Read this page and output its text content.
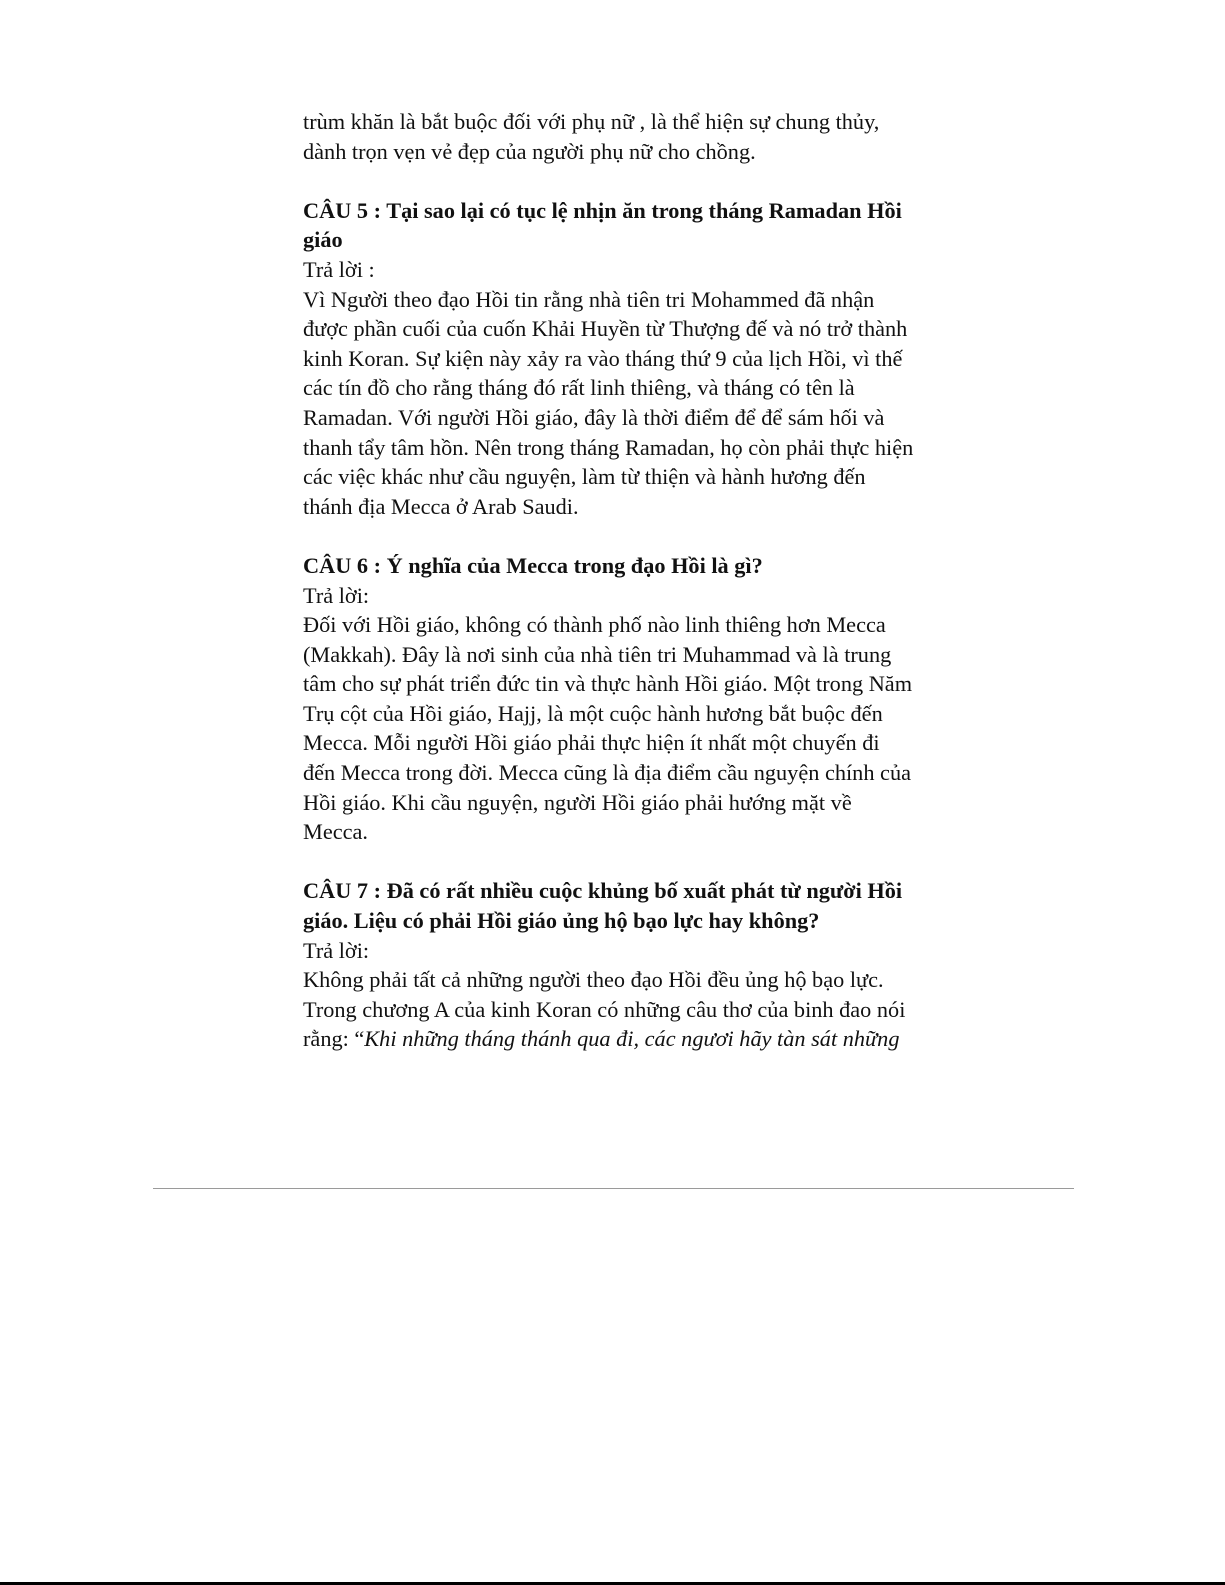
trùm khăn là bắt buộc đối với phụ nữ , là thể hiện sự chung thủy,
dành trọn vẹn vẻ đẹp của người phụ nữ cho chồng.
CÂU 5 : Tại sao lại có tục lệ nhịn ăn trong tháng Ramadan Hồi
giáo
Trả lời :
Vì Người theo đạo Hồi tin rằng nhà tiên tri Mohammed đã nhận
được phần cuối của cuốn Khải Huyền từ Thượng đế và nó trở thành
kinh Koran. Sự kiện này xảy ra vào tháng thứ 9 của lịch Hồi, vì thế
các tín đồ cho rằng tháng đó rất linh thiêng, và tháng có tên là
Ramadan. Với người Hồi giáo, đây là thời điểm để để sám hối và
thanh tẩy tâm hồn. Nên trong tháng Ramadan, họ còn phải thực hiện
các việc khác như cầu nguyện, làm từ thiện và hành hương đến
thánh địa Mecca ở Arab Saudi.
CÂU 6 : Ý nghĩa của Mecca trong đạo Hồi là gì?
Trả lời:
Đối với Hồi giáo, không có thành phố nào linh thiêng hơn Mecca
(Makkah). Đây là nơi sinh của nhà tiên tri Muhammad và là trung
tâm cho sự phát triển đức tin và thực hành Hồi giáo. Một trong Năm
Trụ cột của Hồi giáo, Hajj, là một cuộc hành hương bắt buộc đến
Mecca. Mỗi người Hồi giáo phải thực hiện ít nhất một chuyến đi
đến Mecca trong đời. Mecca cũng là địa điểm cầu nguyện chính của
Hồi giáo. Khi cầu nguyện, người Hồi giáo phải hướng mặt về
Mecca.
CÂU 7 : Đã có rất nhiều cuộc khủng bố xuất phát từ người Hồi
giáo. Liệu có phải Hồi giáo ủng hộ bạo lực hay không?
Trả lời:
Không phải tất cả những người theo đạo Hồi đều ủng hộ bạo lực.
Trong chương A của kinh Koran có những câu thơ của binh đao nói
rằng: “Khi những tháng thánh qua đi, các ngươi hãy tàn sát những
